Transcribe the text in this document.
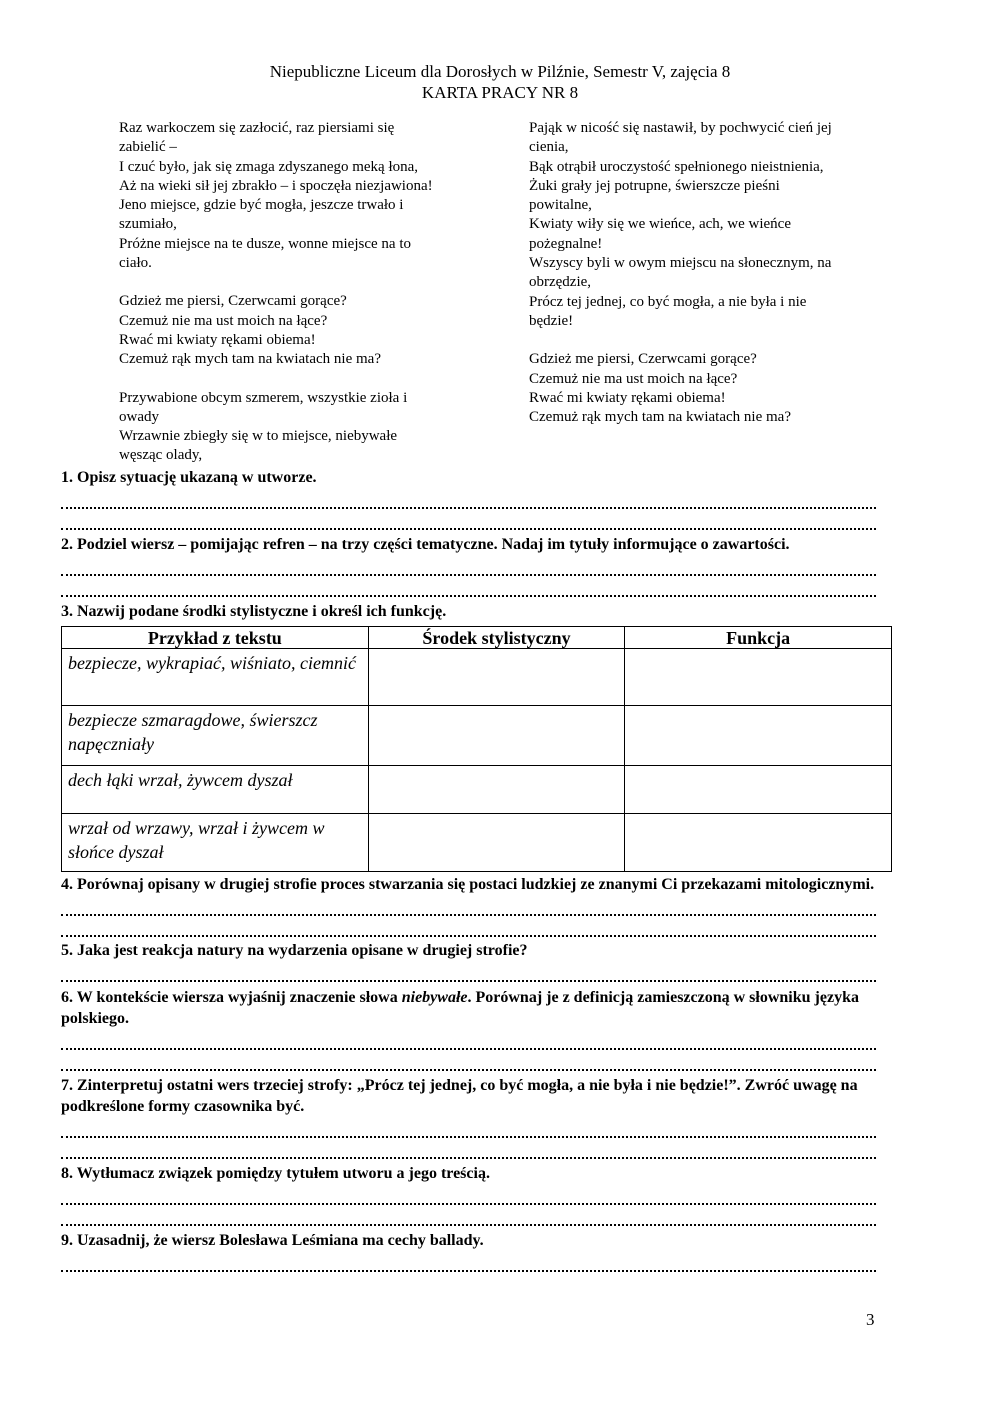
Niepubliczne Liceum dla Dorosłych w Pilźnie, Semestr V, zajęcia 8
KARTA PRACY NR 8
Raz warkoczem się zazłocić, raz piersiami się
zabielić –
I czuć było, jak się zmaga zdyszanego meką łona,
Aż na wieki sił jej zbrakło – i spoczęła niezjawiona!
Jeno miejsce, gdzie być mogła, jeszcze trwało i
szumiało,
Próżne miejsce na te dusze, wonne miejsce na to
ciało.
Gdzież me piersi, Czerwcami gorące?
Czemuż nie ma ust moich na łące?
Rwać mi kwiaty rękami obiema!
Czemuż rąk mych tam na kwiatach nie ma?
Przywabione obcym szmerem, wszystkie zioła i
owady
Wrzawnie zbiegły się w to miejsce, niebywałe
węsząc olady,
Pająk w nicość się nastawił, by pochwycić cień jej
cienia,
Bąk otrąbił uroczystość spełnionego nieistnienia,
Żuki grały jej potrupne, świerszcze pieśni
powitalne,
Kwiaty wiły się we wieńce, ach, we wieńce
pożegnalne!
Wszyscy byli w owym miejscu na słonecznym, na
obrzędzie,
Prócz tej jednej, co być mogła, a nie była i nie
będzie!
Gdzież me piersi, Czerwcami gorące?
Czemuż nie ma ust moich na łące?
Rwać mi kwiaty rękami obiema!
Czemuż rąk mych tam na kwiatach nie ma?

1. Opisz sytuację ukazaną w utworze.

2. Podziel wiersz – pomijając refren – na trzy części tematyczne. Nadaj im tytuły informujące o zawartości.

3. Nazwij podane środki stylistyczne i określ ich funkcję.

Przykład z tekstu	Środek stylistyczny	Funkcja
bezpiecze, wykrapiać, wiśniato, ciemnić		
bezpiecze szmaragdowe, świerszcz napęczniały		
dech łąki wrzał, żywcem dyszał		
wrzał od wrzawy, wrzał i żywcem w słońce dyszał		

4. Porównaj opisany w drugiej strofie proces stwarzania się postaci ludzkiej ze znanymi Ci przekazami mitologicznymi.

5. Jaka jest reakcja natury na wydarzenia opisane w drugiej strofie?

6. W kontekście wiersza wyjaśnij znaczenie słowa niebywałe. Porównaj je z definicją zamieszczoną w słowniku języka polskiego.

7. Zinterpretuj ostatni wers trzeciej strofy: „Prócz tej jednej, co być mogła, a nie była i nie będzie!”. Zwróć uwagę na podkreślone formy czasownika być.

8. Wytłumacz związek pomiędzy tytułem utworu a jego treścią.

9. Uzasadnij, że wiersz Bolesława Leśmiana ma cechy ballady.

3
